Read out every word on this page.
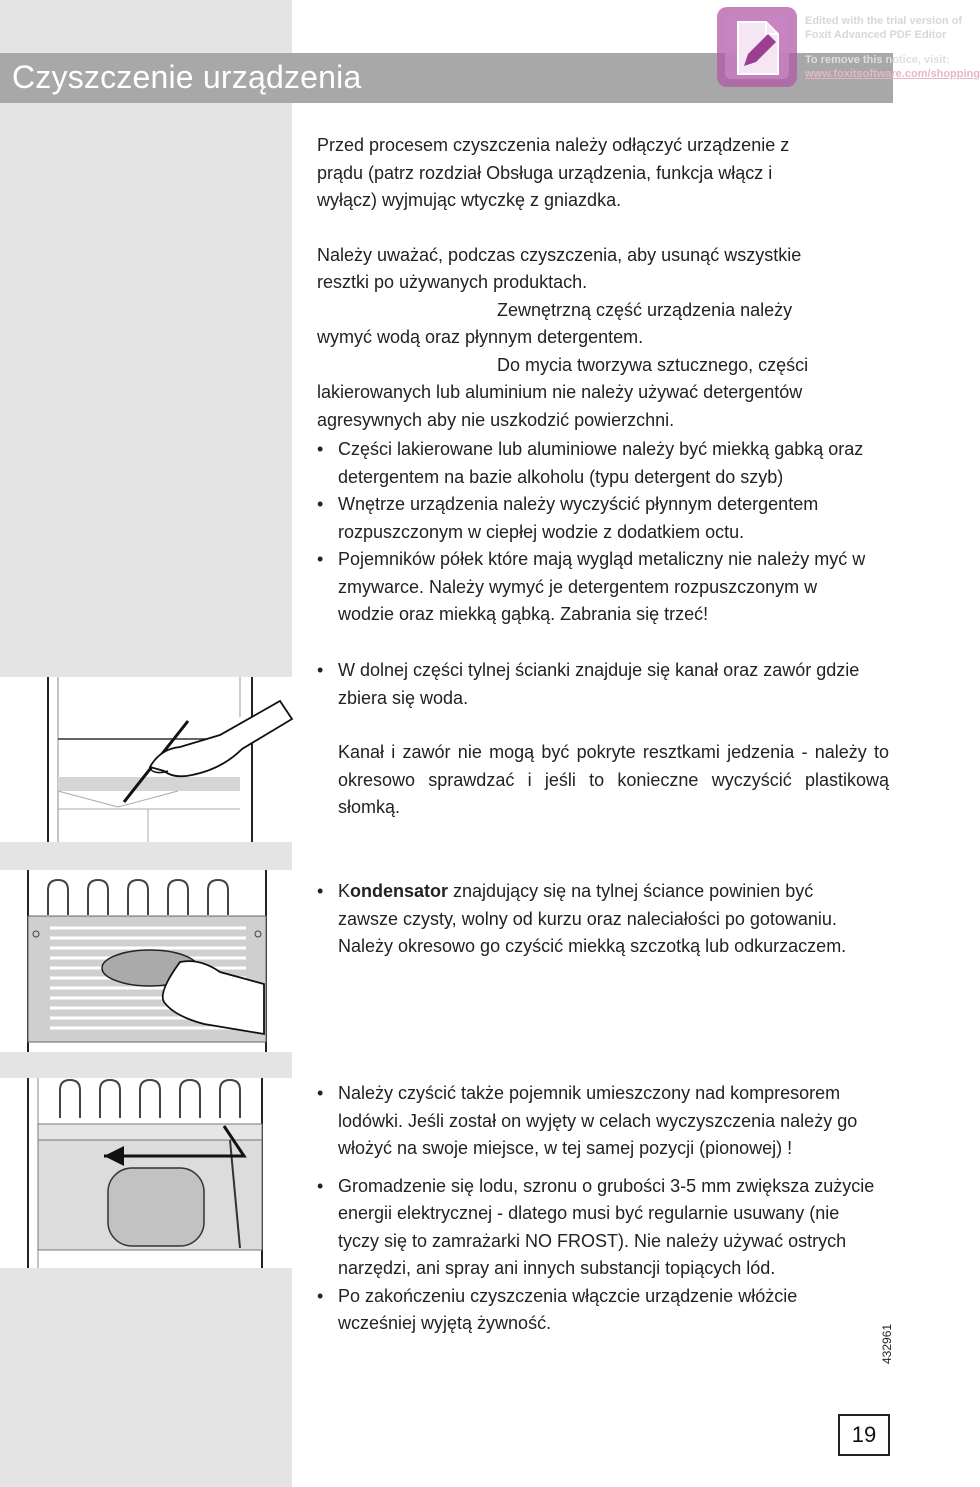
Czyszczenie urządzenia
Edited with the trial version of
Foxit Advanced PDF Editor
To remove this notice, visit:
www.foxitsoftware.com/shopping

Przed procesem czyszczenia należy odłączyć urządzenie z prądu (patrz rozdział Obsługa urządzenia, funkcja włącz i wyłącz) wyjmując wtyczkę z gniazdka.

Należy uważać, podczas czyszczenia, aby usunąć wszystkie resztki po używanych produktach.

Zewnętrzną część urządzenia należy

wymyć wodą oraz płynnym detergentem.

Do mycia tworzywa sztucznego, części

lakierowanych lub aluminium nie należy używać detergentów agresywnych aby nie uszkodzić powierzchni.

• Części lakierowane lub aluminiowe należy być miekką gabką oraz detergentem na bazie alkoholu (typu detergent do szyb)

• Wnętrze urządzenia należy wyczyścić płynnym detergentem rozpuszczonym w ciepłej wodzie z dodatkiem octu.

• Pojemników półek które mają wygląd metaliczny nie należy myć w zmywarce. Należy wymyć je detergentem rozpuszczonym w wodzie oraz miekką gąbką. Zabrania się trzeć!

• W dolnej części tylnej ścianki znajduje się kanał oraz zawór gdzie zbiera się woda.

Kanał i zawór nie mogą być pokryte resztkami jedzenia - należy to okresowo sprawdzać i jeśli to konieczne wyczyścić plastikową słomką.

• Kondensator znajdujący się na tylnej ściance powinien być zawsze czysty, wolny od kurzu oraz naleciałości po gotowaniu. Należy okresowo go czyścić miekką szczotką lub odkurzaczem.

• Należy czyścić także pojemnik umieszczony nad kompresorem lodówki. Jeśli został on wyjęty w celach wyczyszczenia należy go włożyć na swoje miejsce, w tej samej pozycji (pionowej) !

• Gromadzenie się lodu, szronu o grubości 3-5 mm zwiększa zużycie energii elektrycznej - dlatego musi być regularnie usuwany (nie tyczy się to zamrażarki NO FROST). Nie należy używać ostrych narzędzi, ani spray ani innych substancji topiących lód.

• Po zakończeniu czyszczenia włączcie urządzenie włóżcie wcześniej wyjętą żywność.

432961
19
